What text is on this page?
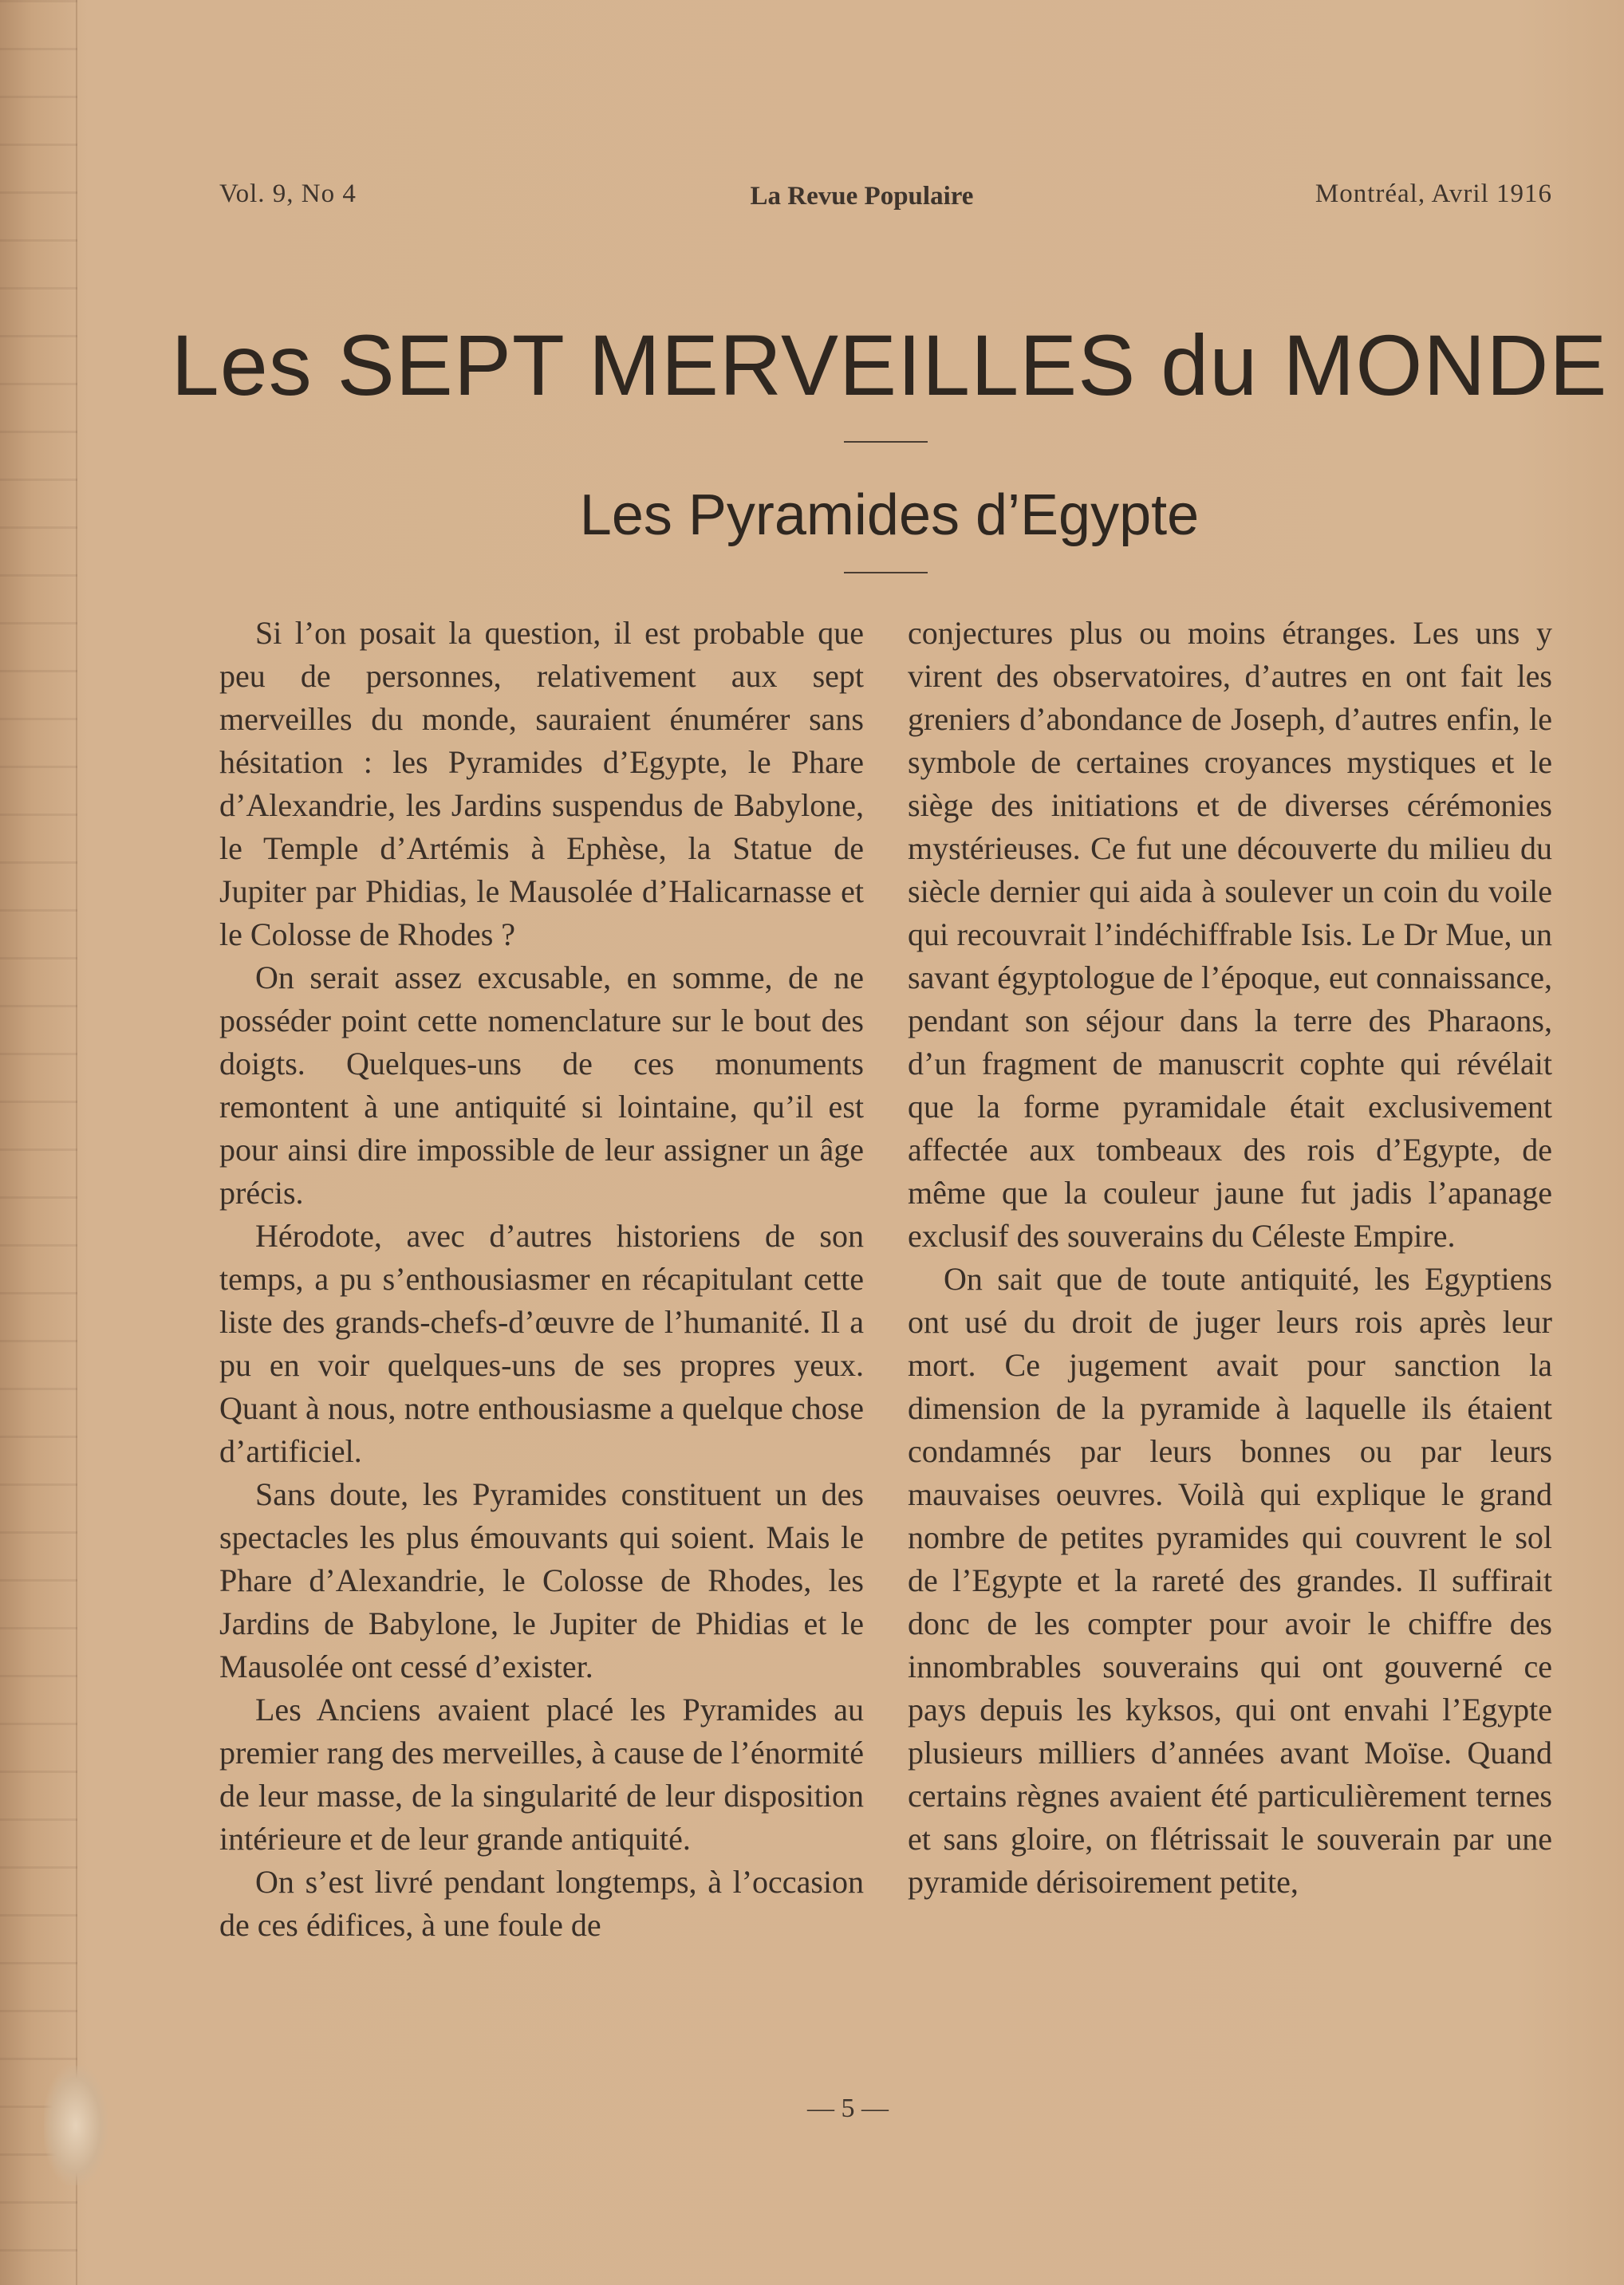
Vol. 9, No 4	La Revue Populaire	Montréal, Avril 1916
Les SEPT MERVEILLES du MONDE
Les Pyramides d’Egypte

Si l’on posait la question, il est probable que peu de personnes, relativement aux sept merveilles du monde, sauraient énumérer sans hésitation : les Pyramides d’Egypte, le Phare d’Alexandrie, les Jardins suspendus de Babylone, le Temple d’Artémis à Ephèse, la Statue de Jupiter par Phidias, le Mausolée d’Halicarnasse et le Colosse de Rhodes ?

On serait assez excusable, en somme, de ne posséder point cette nomenclature sur le bout des doigts. Quelques-uns de ces monuments remontent à une antiquité si lointaine, qu’il est pour ainsi dire impossible de leur assigner un âge précis.

Hérodote, avec d’autres historiens de son temps, a pu s’enthousiasmer en récapitulant cette liste des grands-chefs-d’œuvre de l’humanité. Il a pu en voir quelques-uns de ses propres yeux. Quant à nous, notre enthousiasme a quelque chose d’artificiel.

Sans doute, les Pyramides constituent un des spectacles les plus émouvants qui soient. Mais le Phare d’Alexandrie, le Colosse de Rhodes, les Jardins de Babylone, le Jupiter de Phidias et le Mausolée ont cessé d’exister.

Les Anciens avaient placé les Pyramides au premier rang des merveilles, à cause de l’énormité de leur masse, de la singularité de leur disposition intérieure et de leur grande antiquité.

On s’est livré pendant longtemps, à l’occasion de ces édifices, à une foule de

conjectures plus ou moins étranges. Les uns y virent des observatoires, d’autres en ont fait les greniers d’abondance de Joseph, d’autres enfin, le symbole de certaines croyances mystiques et le siège des initiations et de diverses cérémonies mystérieuses. Ce fut une découverte du milieu du siècle dernier qui aida à soulever un coin du voile qui recouvrait l’indéchiffrable Isis. Le Dr Mue, un savant égyptologue de l’époque, eut connaissance, pendant son séjour dans la terre des Pharaons, d’un fragment de manuscrit cophte qui révélait que la forme pyramidale était exclusivement affectée aux tombeaux des rois d’Egypte, de même que la couleur jaune fut jadis l’apanage exclusif des souverains du Céleste Empire.

On sait que de toute antiquité, les Egyptiens ont usé du droit de juger leurs rois après leur mort. Ce jugement avait pour sanction la dimension de la pyramide à laquelle ils étaient condamnés par leurs bonnes ou par leurs mauvaises oeuvres. Voilà qui explique le grand nombre de petites pyramides qui couvrent le sol de l’Egypte et la rareté des grandes. Il suffirait donc de les compter pour avoir le chiffre des innombrables souverains qui ont gouverné ce pays depuis les kyksos, qui ont envahi l’Egypte plusieurs milliers d’années avant Moïse. Quand certains règnes avaient été particulièrement ternes et sans gloire, on flétrissait le souverain par une pyramide dérisoirement petite,

— 5 —
